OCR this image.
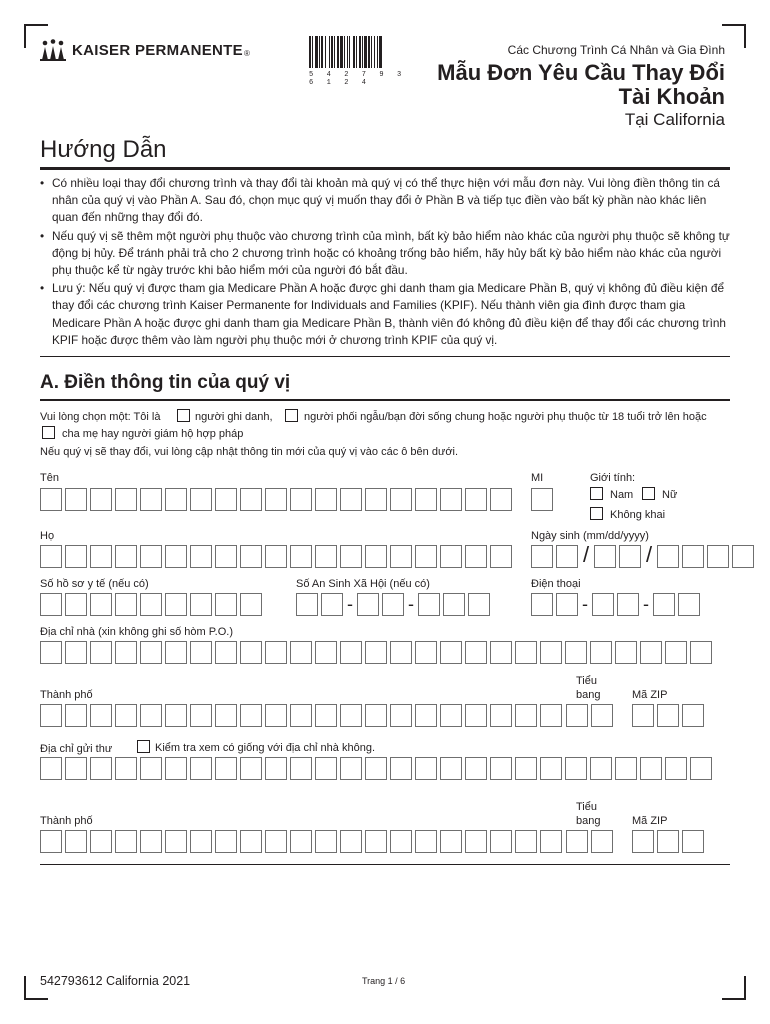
KAISER PERMANENTE ®
5 4 2 7 9 3 6 1 2 4
Các Chương Trình Cá Nhân và Gia Đình
Mẫu Đơn Yêu Cầu Thay Đổi
Tài Khoản
Tại California
Hướng Dẫn
• Có nhiều loại thay đổi chương trình và thay đổi tài khoản mà quý vị có thể thực hiện với mẫu đơn này. Vui lòng điền thông tin cá nhân của quý vị vào Phần A. Sau đó, chọn mục quý vị muốn thay đổi ở Phần B và tiếp tục điền vào bất kỳ phần nào khác liên quan đến những thay đổi đó.
• Nếu quý vị sẽ thêm một người phụ thuộc vào chương trình của mình, bất kỳ bảo hiểm nào khác của người phụ thuộc sẽ không tự động bị hủy. Để tránh phải trả cho 2 chương trình hoặc có khoảng trống bảo hiểm, hãy hủy bất kỳ bảo hiểm nào khác của người phụ thuộc kể từ ngày trước khi bảo hiểm mới của người đó bắt đầu.
• Lưu ý: Nếu quý vị được tham gia Medicare Phần A hoặc được ghi danh tham gia Medicare Phần B, quý vị không đủ điều kiện để thay đổi các chương trình Kaiser Permanente for Individuals and Families (KPIF). Nếu thành viên gia đình được tham gia Medicare Phần A hoặc được ghi danh tham gia Medicare Phần B, thành viên đó không đủ điều kiện để thay đổi các chương trình KPIF hoặc được thêm vào làm người phụ thuộc mới ở chương trình KPIF của quý vị.
A. Điền thông tin của quý vị
Vui lòng chọn một: Tôi là	người ghi danh,	người phối ngẫu/bạn đời sống chung hoặc người phụ thuộc từ 18 tuổi trở lên hoặc
cha mẹ hay người giám hộ hợp pháp
Nếu quý vị sẽ thay đổi, vui lòng cập nhật thông tin mới của quý vị vào các ô bên dưới.
Tên	MI	Giới tính:
Nam	Nữ
Không khai
Họ	Ngày sinh (mm/dd/yyyy)
/	/
Số hồ sơ y tế (nếu có)	Số An Sinh Xã Hội (nếu có)
-	-
Điện thoại
-	-
Địa chỉ nhà (xin không ghi số hòm P.O.)
Thành phố
Tiểu
bang	Mã ZIP
Địa chỉ gửi thư	Kiểm tra xem có giống với địa chỉ nhà không.
Thành phố
Tiểu
bang	Mã ZIP
542793612 California 2021	Trang 1 / 6
